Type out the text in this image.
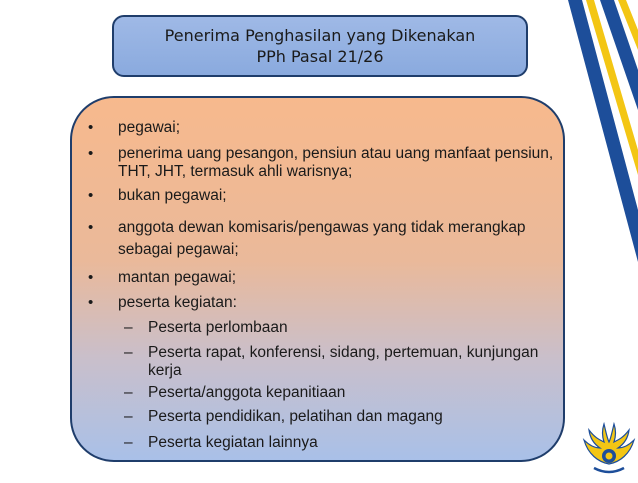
Penerima Penghasilan yang Dikenakan
PPh Pasal 21/26
•	pegawai;
•	penerima uang pesangon, pensiun atau uang manfaat pensiun, THT, JHT, termasuk ahli warisnya;
•	bukan pegawai;
•	anggota dewan komisaris/pengawas yang tidak merangkap sebagai pegawai;
•	mantan pegawai;
•	peserta kegiatan:
– Peserta perlombaan
– Peserta rapat, konferensi, sidang, pertemuan, kunjungan kerja
– Peserta/anggota kepanitiaan
– Peserta pendidikan, pelatihan dan magang
– Peserta kegiatan lainnya
